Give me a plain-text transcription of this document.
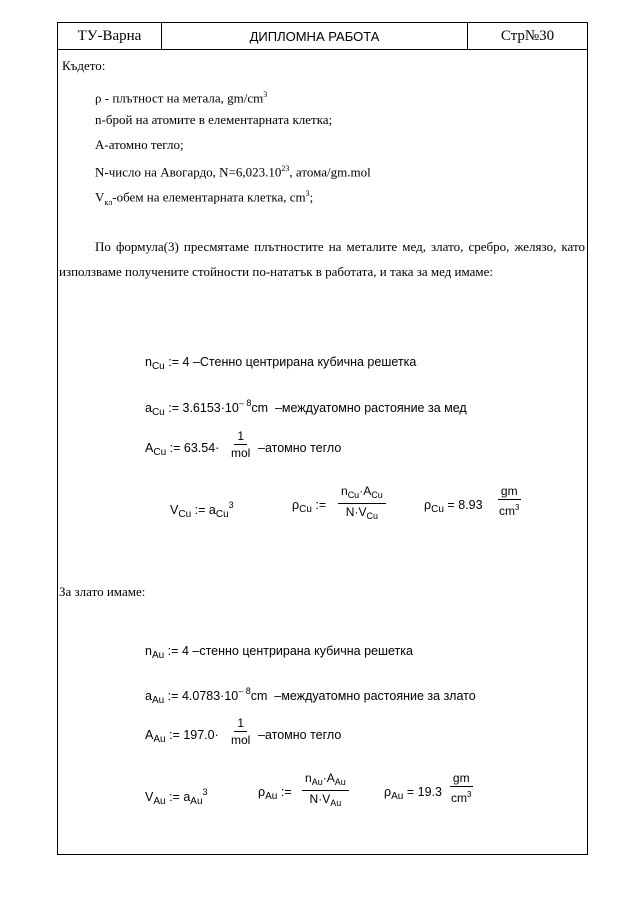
ТУ-Варна	ДИПЛОМНА РАБОТА	Стр№30
Където:
ρ - плътност на метала, $gm/cm^3$
n-брой на атомите в елементарната клетка;
A-атомно тегло;
N-число на Авогардо, $N=6,023.10^{23}$, атома/gm.mol
$V_{кл}$-обем на елементарната клетка, $cm^3$;
По формула(3) пресмятаме плътностите на металите мед, злато, сребро, желязо, като използваме получените стойности по-нататък в работата, и така за мед имаме:
$n_{Cu}$ := 4 –Стенно центрирана кубична решетка
$a_{Cu}$ := $3.6153\cdot 10^{- 8}cm$ –междуатомно растояние за мед
$A_{Cu}$ := 63.54·
1
mol –атомно тегло
$V_{Cu}$ := $a_{Cu}^3$	$\rho_{Cu}$ :=
$n_{Cu}\cdot A_{Cu}$
$N\cdot V_{Cu}$
$\rho_{Cu} = 8.93 \frac{gm}{cm^3}$
За злато имаме:
$n_{Au}$ := 4 –стенно центрирана кубична решетка
$a_{Au}$ := $4.0783\cdot 10^{- 8}cm$ –междуатомно растояние за злато
$A_{Au}$ := 197.0·
1
mol –атомно тегло
$V_{Au}$ := $a_{Au}^3$	$\rho_{Au}$ :=
$n_{Au}\cdot A_{Au}$
$N\cdot V_{Au}$
$\rho_{Au} = 19.3 \frac{gm}{cm^3}$
